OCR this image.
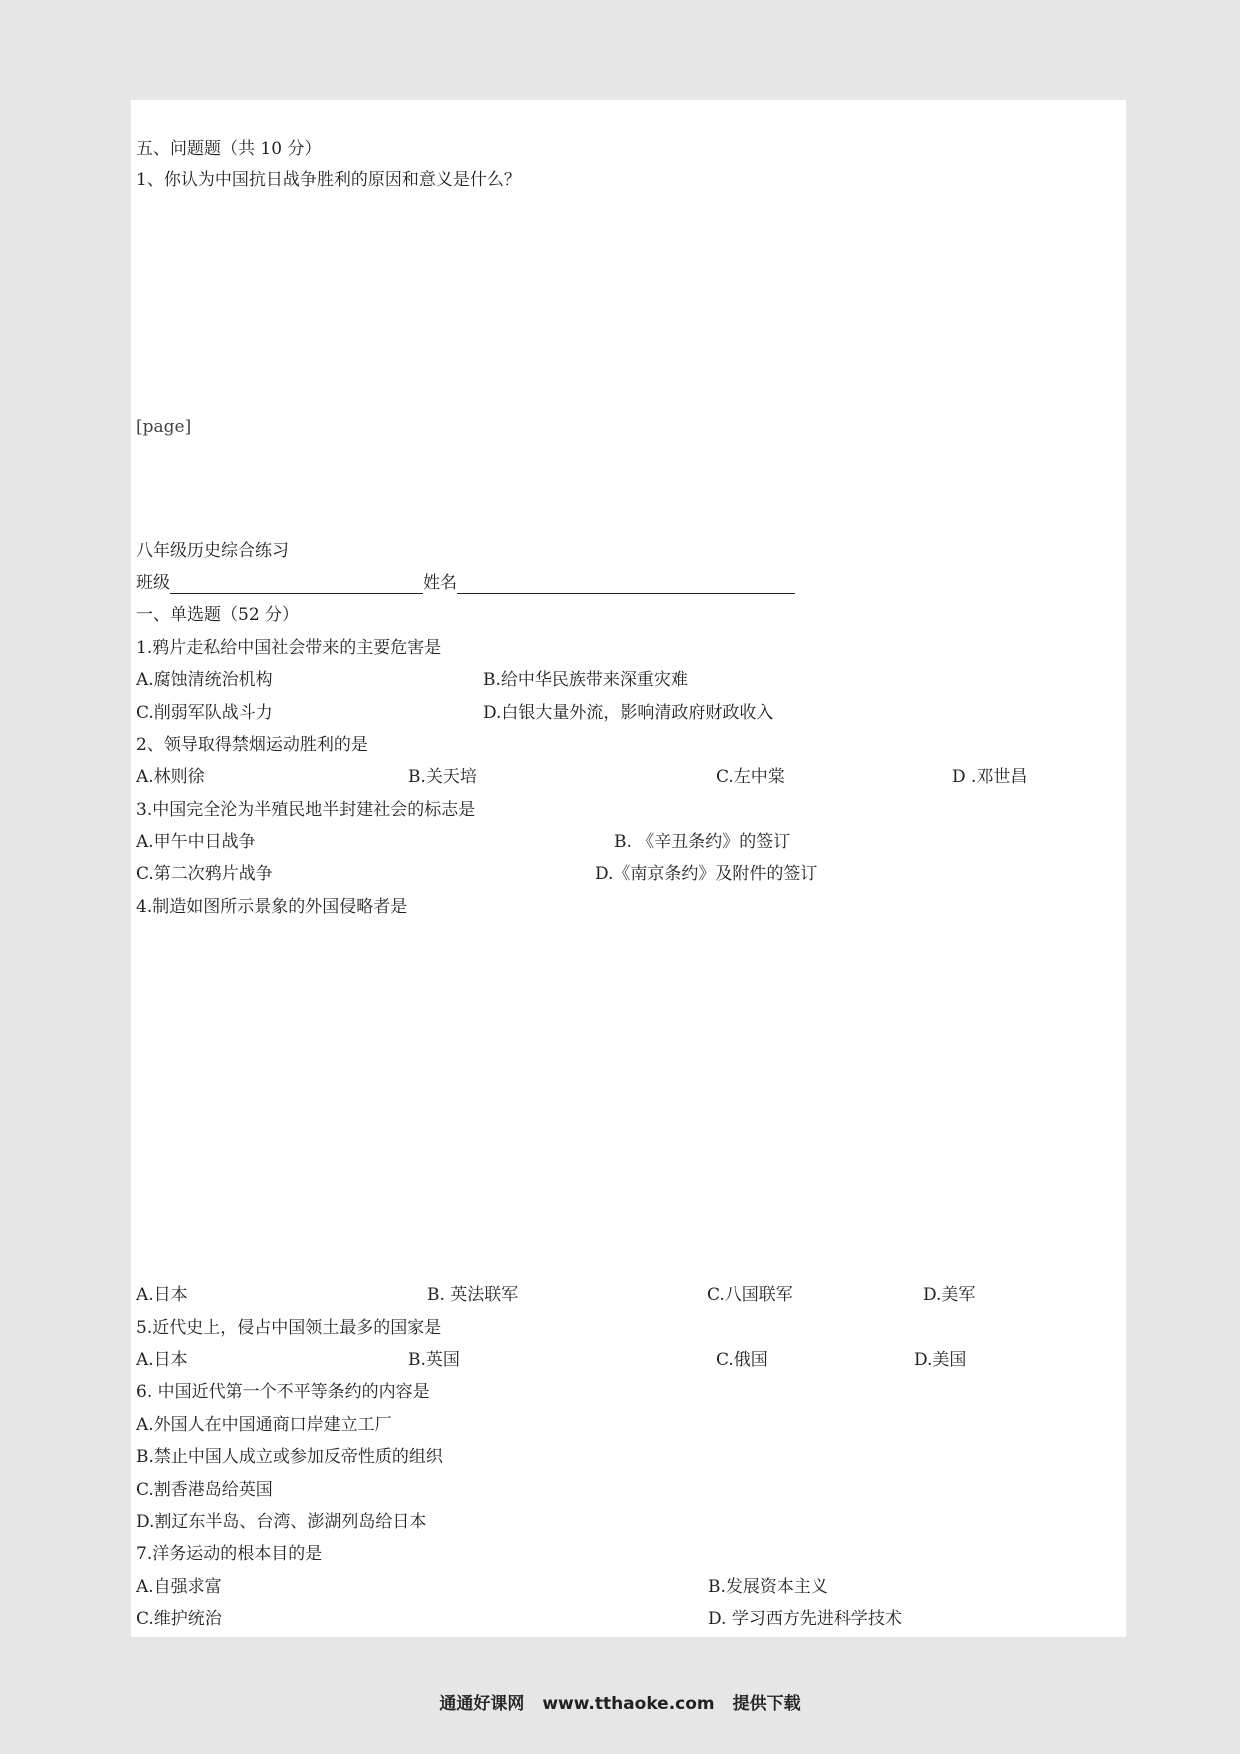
五、问题题（共 10 分）
1、你认为中国抗日战争胜利的原因和意义是什么？
[page]
八年级历史综合练习
班级	姓名
一、单选题（52 分）
1.鸦片走私给中国社会带来的主要危害是
A.腐蚀清统治机构	B.给中华民族带来深重灾难
C.削弱军队战斗力	D.白银大量外流，影响清政府财政收入
2、领导取得禁烟运动胜利的是
A.林则徐	B.关天培	C.左中棠	D .邓世昌
3.中国完全沦为半殖民地半封建社会的标志是
A.甲午中日战争	B. 《辛丑条约》的签订
C.第二次鸦片战争	D.《南京条约》及附件的签订
4.制造如图所示景象的外国侵略者是
A.日本	B. 英法联军	C.八国联军	D.美军
5.近代史上，侵占中国领土最多的国家是
A.日本	B.英国	C.俄国	D.美国
6. 中国近代第一个不平等条约的内容是
A.外国人在中国通商口岸建立工厂
B.禁止中国人成立或参加反帝性质的组织
C.割香港岛给英国
D.割辽东半岛、台湾、澎湖列岛给日本
7.洋务运动的根本目的是
A.自强求富	B.发展资本主义
C.维护统治	D. 学习西方先进科学技术
通通好课网 www.tthaoke.com 提供下载
